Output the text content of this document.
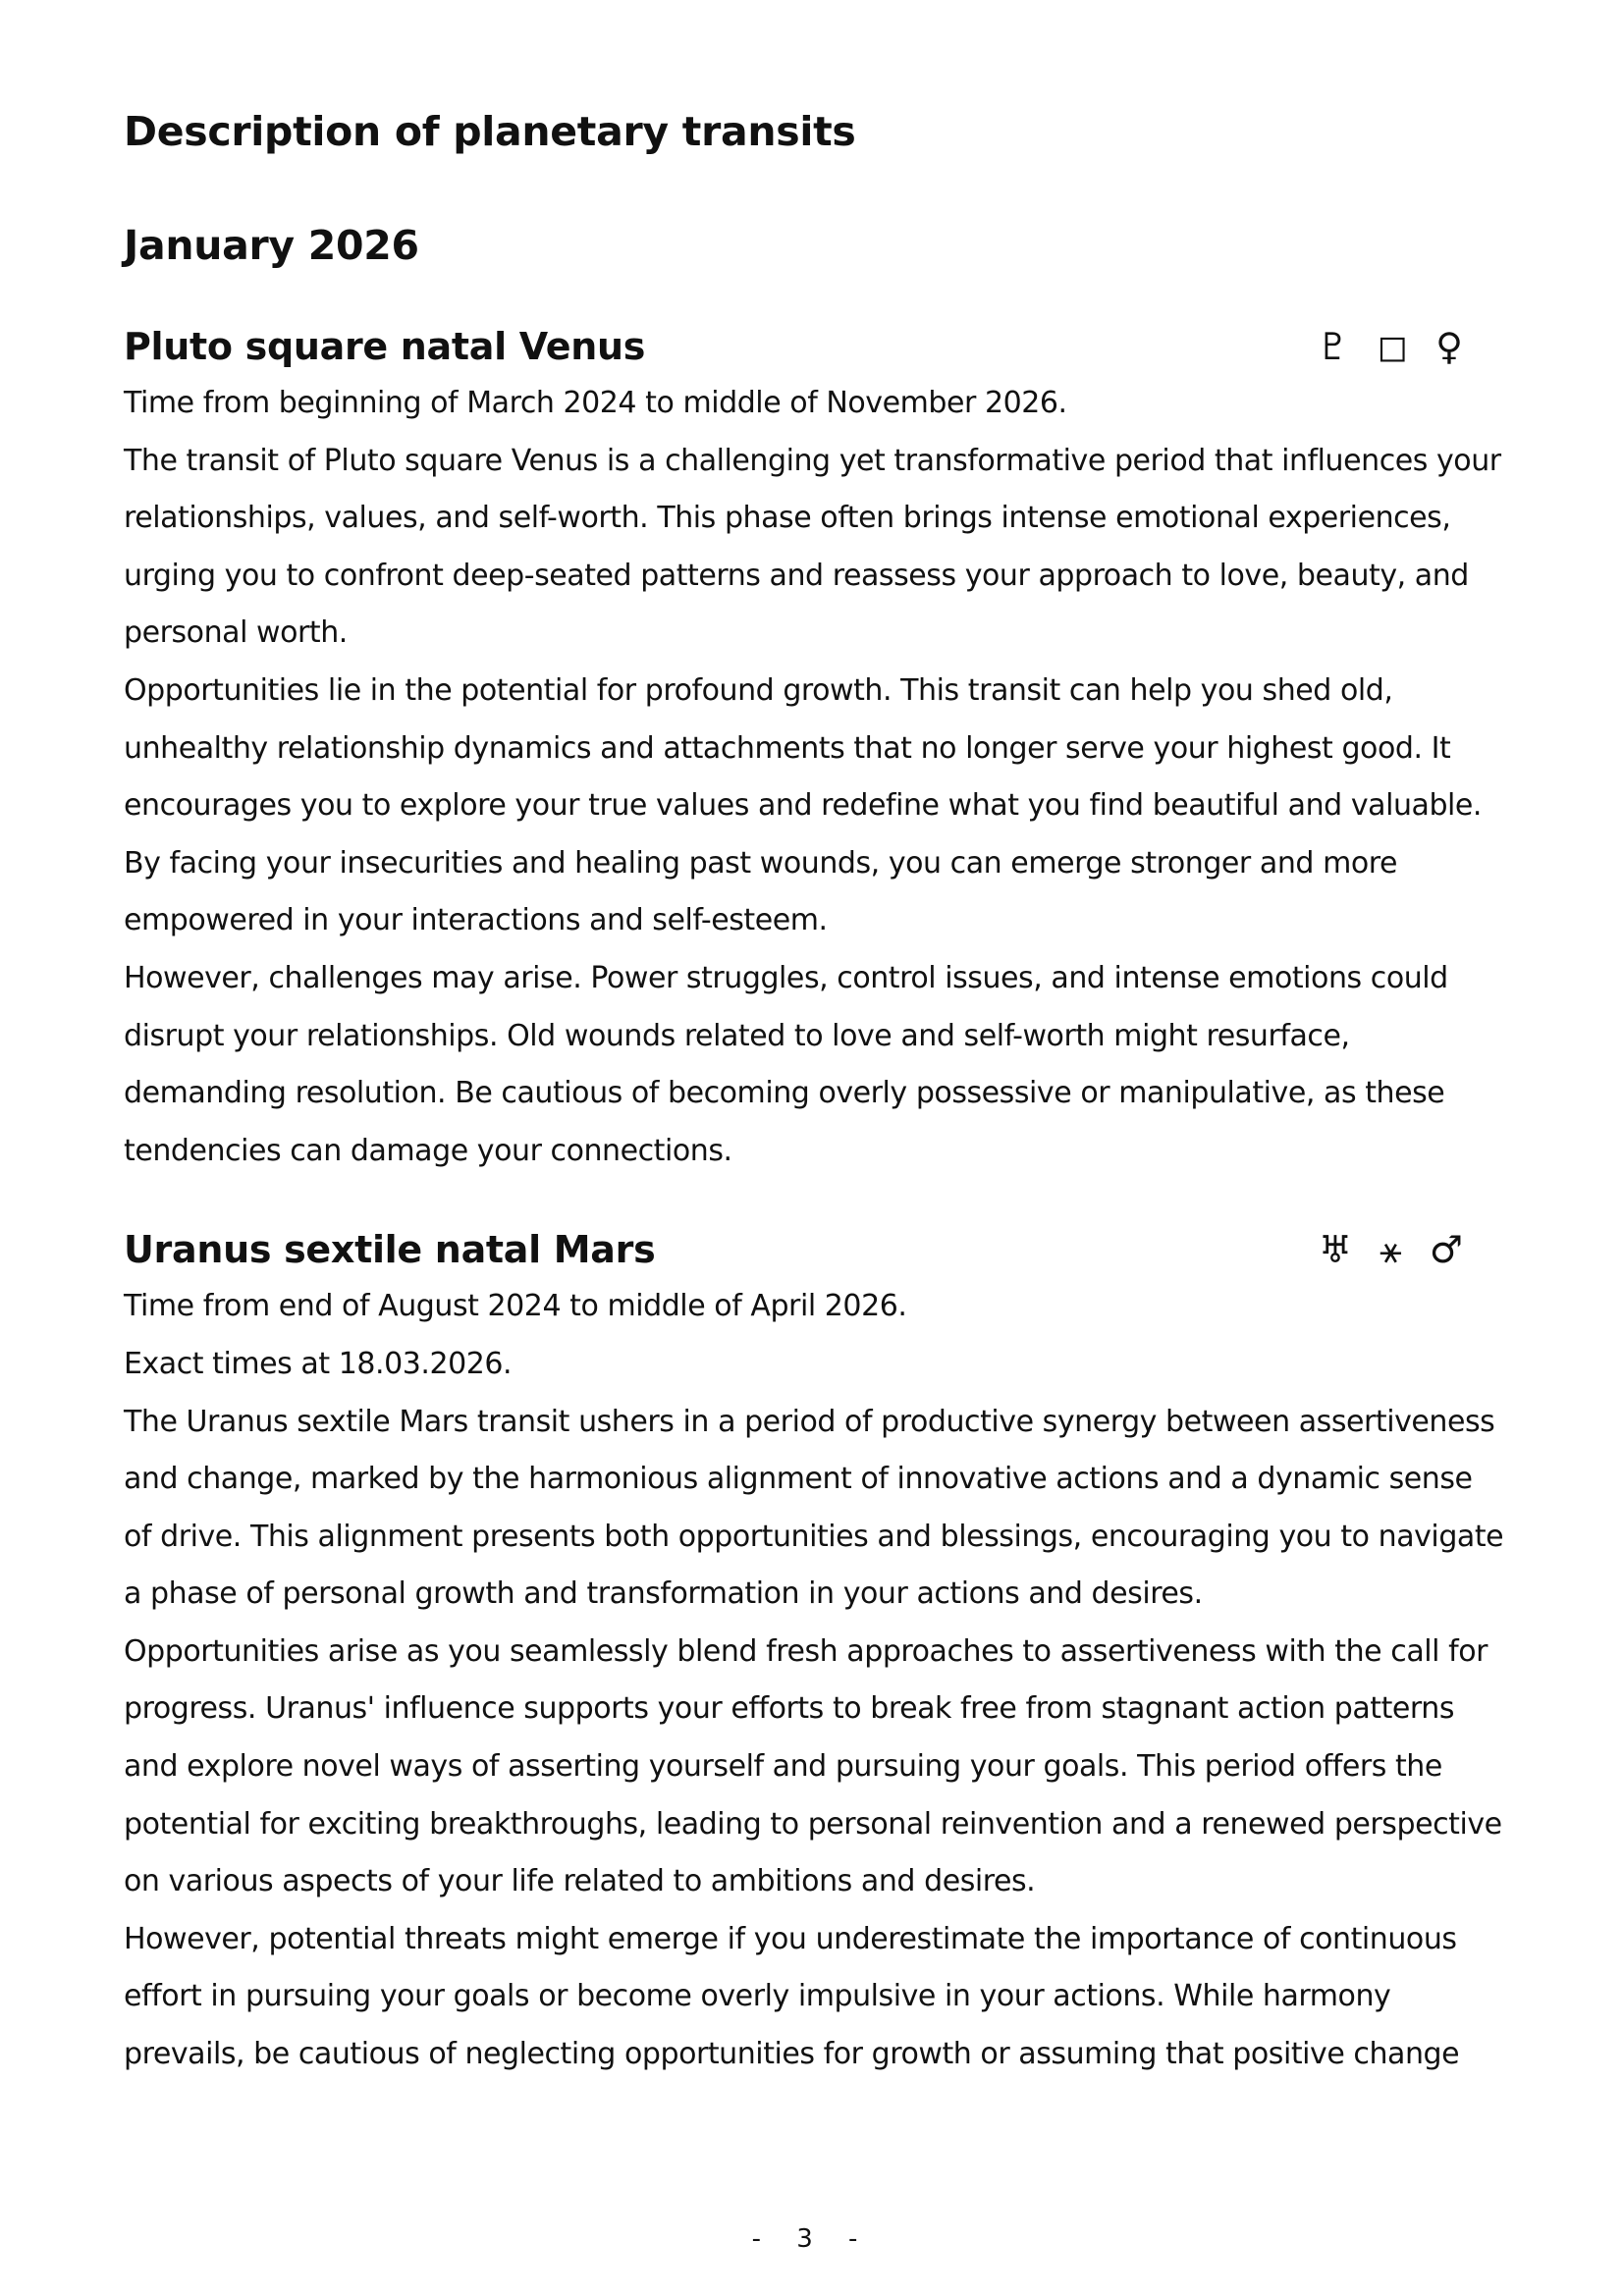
Description of planetary transits
January 2026
Pluto square natal Venus	♇ ◻ ♀

Time from beginning of March 2024 to middle of November 2026.

The transit of Pluto square Venus is a challenging yet transformative period that influences your relationships, values, and self-worth. This phase often brings intense emotional experiences, urging you to confront deep-seated patterns and reassess your approach to love, beauty, and personal worth.

Opportunities lie in the potential for profound growth. This transit can help you shed old, unhealthy relationship dynamics and attachments that no longer serve your highest good. It encourages you to explore your true values and redefine what you find beautiful and valuable. By facing your insecurities and healing past wounds, you can emerge stronger and more empowered in your interactions and self-esteem.

However, challenges may arise. Power struggles, control issues, and intense emotions could disrupt your relationships. Old wounds related to love and self-worth might resurface, demanding resolution. Be cautious of becoming overly possessive or manipulative, as these tendencies can damage your connections.

Uranus sextile natal Mars	♅ ⚹ ♂

Time from end of August 2024 to middle of April 2026.

Exact times at 18.03.2026.

The Uranus sextile Mars transit ushers in a period of productive synergy between assertiveness and change, marked by the harmonious alignment of innovative actions and a dynamic sense of drive. This alignment presents both opportunities and blessings, encouraging you to navigate a phase of personal growth and transformation in your actions and desires.

Opportunities arise as you seamlessly blend fresh approaches to assertiveness with the call for progress. Uranus' influence supports your efforts to break free from stagnant action patterns and explore novel ways of asserting yourself and pursuing your goals. This period offers the potential for exciting breakthroughs, leading to personal reinvention and a renewed perspective on various aspects of your life related to ambitions and desires.

However, potential threats might emerge if you underestimate the importance of continuous effort in pursuing your goals or become overly impulsive in your actions. While harmony prevails, be cautious of neglecting opportunities for growth or assuming that positive change

- 3 -
